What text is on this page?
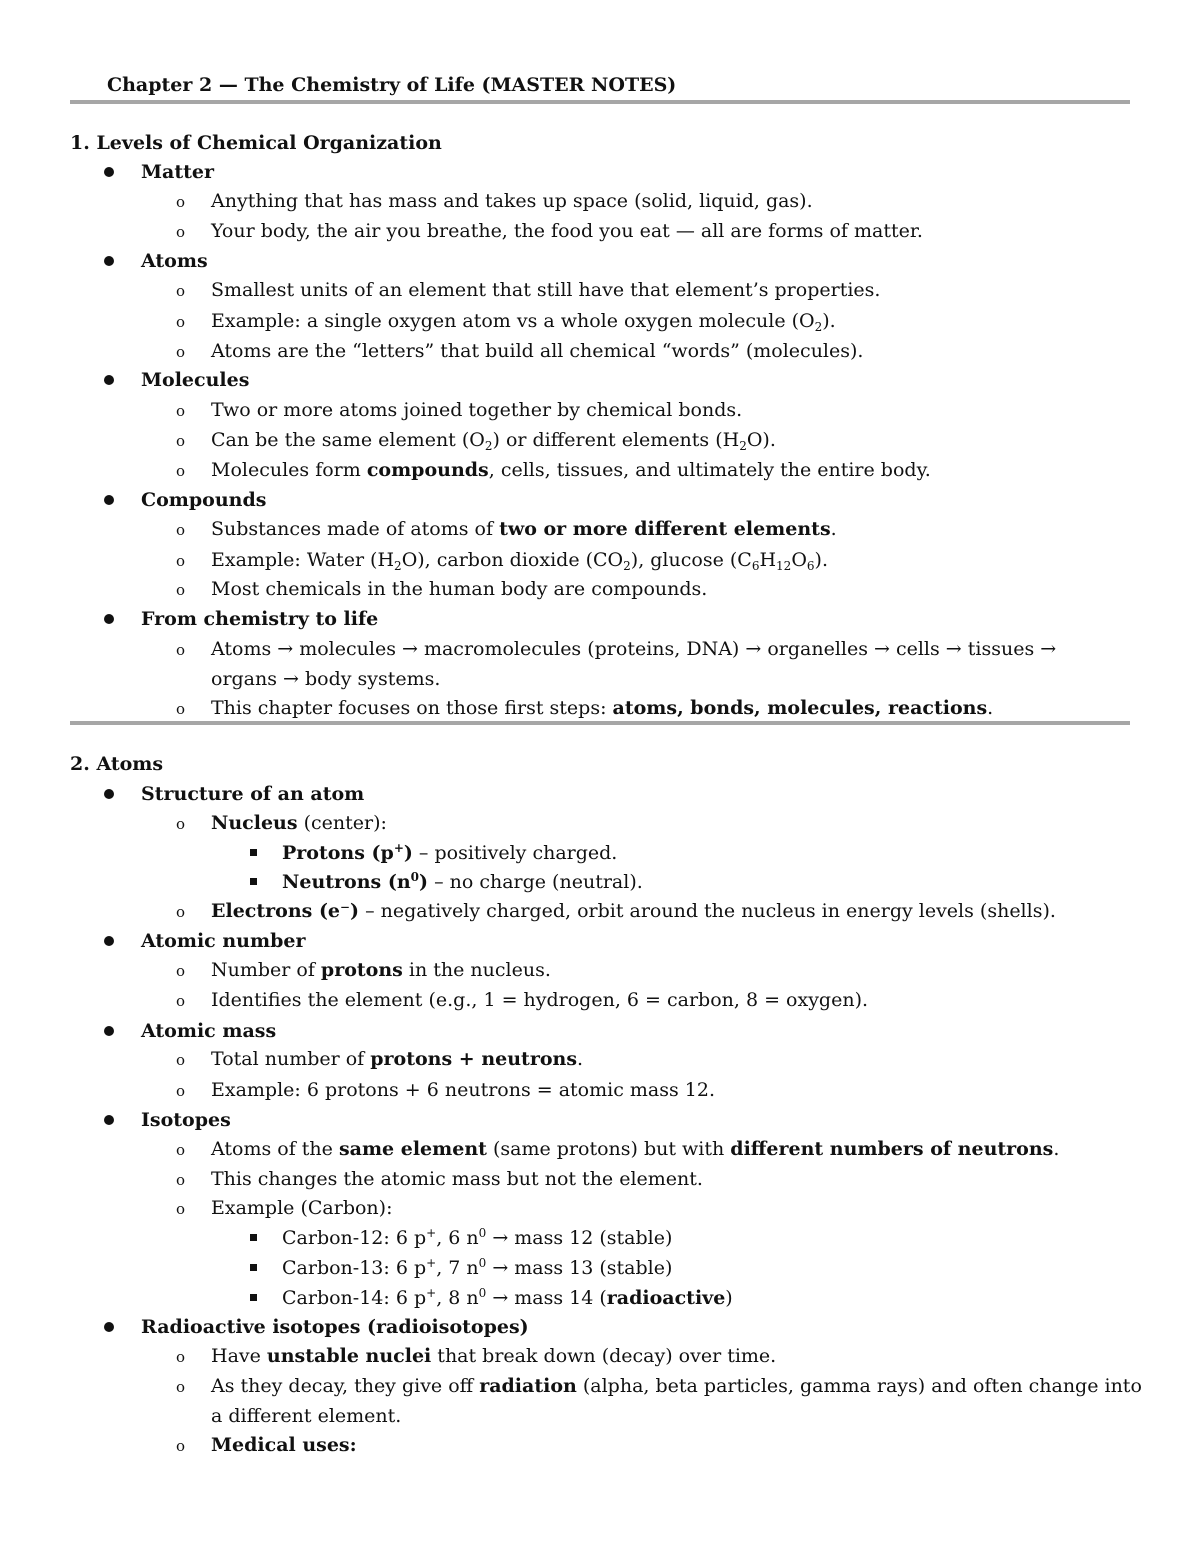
Chapter 2 — The Chemistry of Life (MASTER NOTES)
1. Levels of Chemical Organization
Matter
o Anything that has mass and takes up space (solid, liquid, gas).
o Your body, the air you breathe, the food you eat — all are forms of matter.
Atoms
o Smallest units of an element that still have that element’s properties.
o Example: a single oxygen atom vs a whole oxygen molecule $(O_2)$.
o Atoms are the “letters” that build all chemical “words” (molecules).
Molecules
o Two or more atoms joined together by chemical bonds.
o Can be the same element $(O_2)$ or different elements $(H_2O)$.
o Molecules form compounds, cells, tissues, and ultimately the entire body.
Compounds
o Substances made of atoms of two or more different elements.
o Example: Water $(H_2O)$, carbon dioxide $(CO_2)$, glucose $(C_6H_{12}O_6)$.
o Most chemicals in the human body are compounds.
From chemistry to life
o Atoms → molecules → macromolecules (proteins, DNA) → organelles → cells → tissues →
organs → body systems.
o This chapter focuses on those first steps: atoms, bonds, molecules, reactions.
2. Atoms
Structure of an atom
o Nucleus (center):
Protons (p+) – positively charged.
Neutrons $(n^0)$ – no charge (neutral).
o Electrons (e⁻) – negatively charged, orbit around the nucleus in energy levels (shells).
Atomic number
o Number of protons in the nucleus.
o Identifies the element (e.g., 1 = hydrogen, 6 = carbon, 8 = oxygen).
Atomic mass
o Total number of protons + neutrons.
o Example: 6 protons + 6 neutrons = atomic mass 12.
Isotopes
o Atoms of the same element (same protons) but with different numbers of neutrons.
o This changes the atomic mass but not the element.
o Example (Carbon):
Carbon-12: 6 p+, 6 $n^0$ → mass 12 (stable)
Carbon-13: 6 p+, 7 $n^0$ → mass 13 (stable)
Carbon-14: 6 p+, 8 $n^0$ → mass 14 (radioactive)
Radioactive isotopes (radioisotopes)
o Have unstable nuclei that break down (decay) over time.
o As they decay, they give off radiation (alpha, beta particles, gamma rays) and often change into
a different element.
o Medical uses:
